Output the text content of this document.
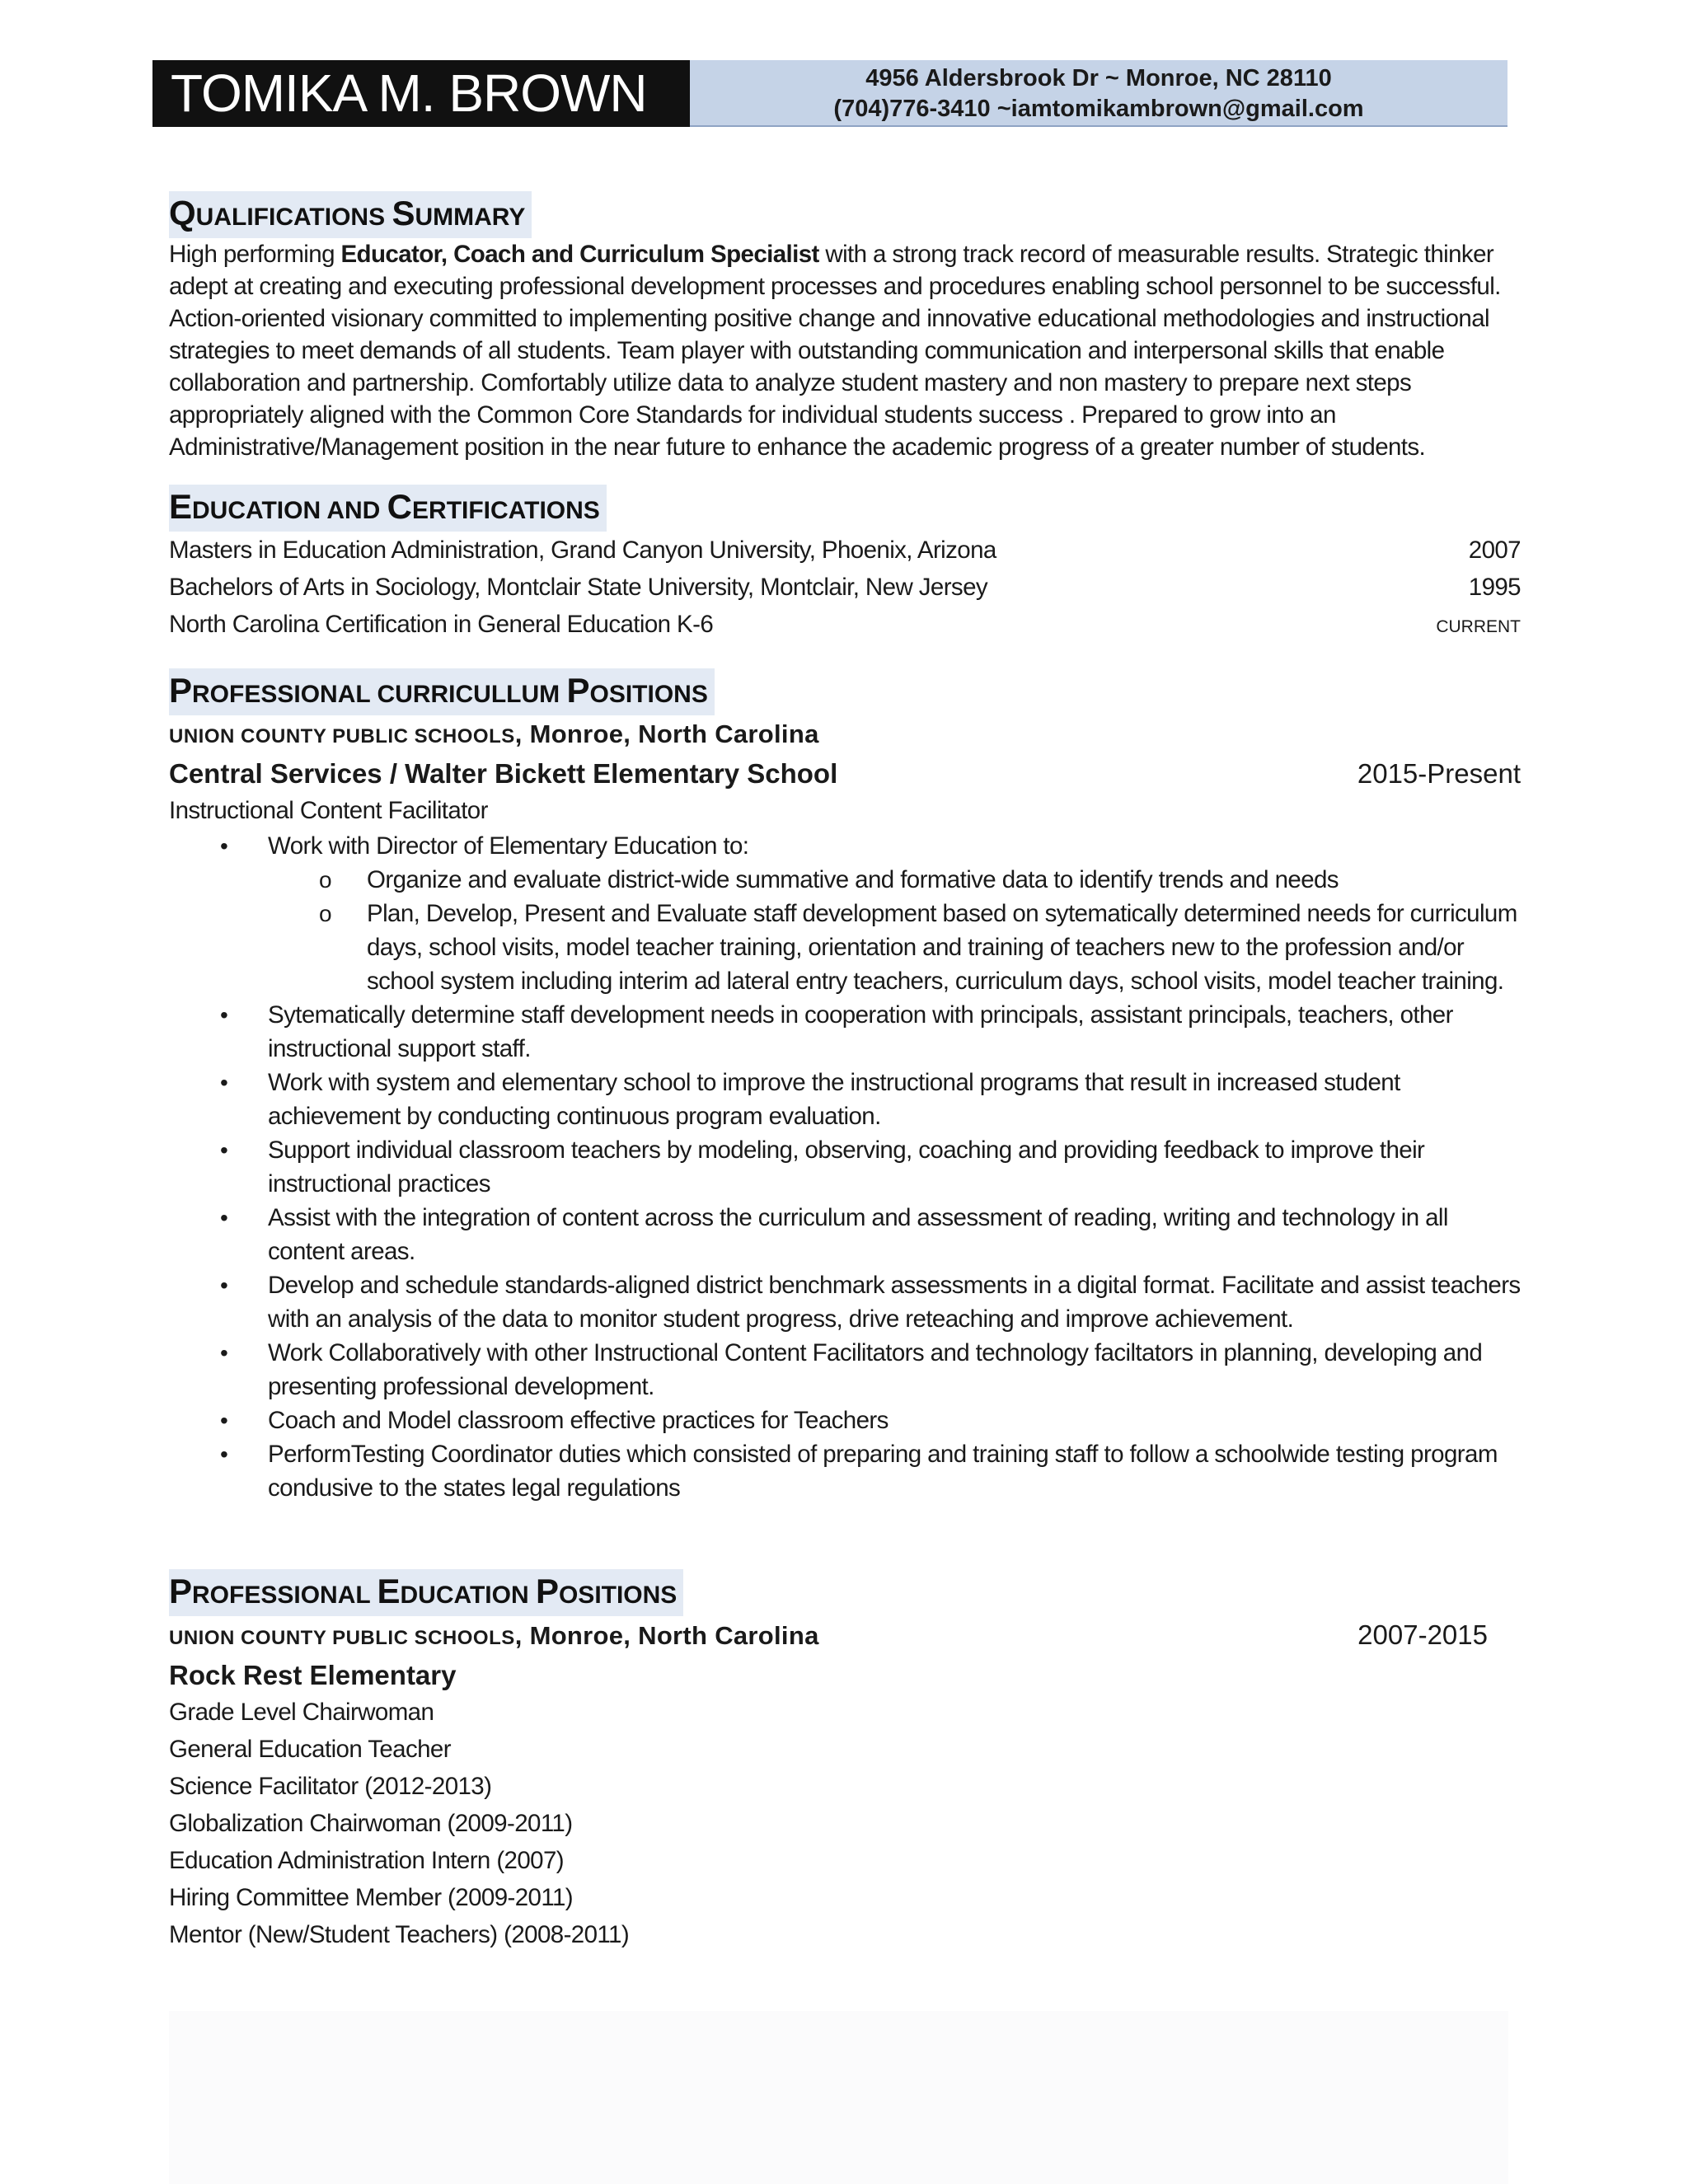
TOMIKA M. BROWN	4956 Aldersbrook Dr ~ Monroe, NC 28110
(704)776-3410 ~iamtomikambrown@gmail.com
QUALIFICATIONS SUMMARY
High performing Educator, Coach and Curriculum Specialist with a strong track record of measurable results. Strategic thinker adept at creating and executing professional development processes and procedures enabling school personnel to be successful. Action-oriented visionary committed to implementing positive change and innovative educational methodologies and instructional strategies to meet demands of all students. Team player with outstanding communication and interpersonal skills that enable collaboration and partnership. Comfortably utilize data to analyze student mastery and non mastery to prepare next steps appropriately aligned with the Common Core Standards for individual students success . Prepared to grow into an Administrative/Management position in the near future to enhance the academic progress of a greater number of students.
EDUCATION AND CERTIFICATIONS
Masters in Education Administration, Grand Canyon University, Phoenix, Arizona	2007
Bachelors of Arts in Sociology, Montclair State University, Montclair, New Jersey	1995
North Carolina Certification in General Education K-6	CURRENT
PROFESSIONAL CURRICULLUM POSITIONS
UNION COUNTY PUBLIC SCHOOLS, Monroe, North Carolina
Central Services / Walter Bickett Elementary School	2015-Present
Instructional Content Facilitator
• Work with Director of Elementary Education to:
o Organize and evaluate district-wide summative and formative data to identify trends and needs
o Plan, Develop, Present and Evaluate staff development based on sytematically determined needs for curriculum days, school visits, model teacher training, orientation and training of teachers new to the profession and/or school system including interim ad lateral entry teachers, curriculum days, school visits, model teacher training.
• Sytematically determine staff development needs in cooperation with principals, assistant principals, teachers, other instructional support staff.
• Work with system and elementary school to improve the instructional programs that result in increased student achievement by conducting continuous program evaluation.
• Support individual classroom teachers by modeling, observing, coaching and providing feedback to improve their instructional practices
• Assist with the integration of content across the curriculum and assessment of reading, writing and technology in all content areas.
• Develop and schedule standards-aligned district benchmark assessments in a digital format. Facilitate and assist teachers with an analysis of the data to monitor student progress, drive reteaching and improve achievement.
• Work Collaboratively with other Instructional Content Facilitators and technology faciltators in planning, developing and presenting professional development.
• Coach and Model classroom effective practices for Teachers
• PerformTesting Coordinator duties which consisted of preparing and training staff to follow a schoolwide testing program condusive to the states legal regulations
PROFESSIONAL EDUCATION POSITIONS
UNION COUNTY PUBLIC SCHOOLS, Monroe, North Carolina	2007-2015
Rock Rest Elementary
Grade Level Chairwoman
General Education Teacher
Science Facilitator (2012-2013)
Globalization Chairwoman (2009-2011)
Education Administration Intern (2007)
Hiring Committee Member (2009-2011)
Mentor (New/Student Teachers) (2008-2011)
